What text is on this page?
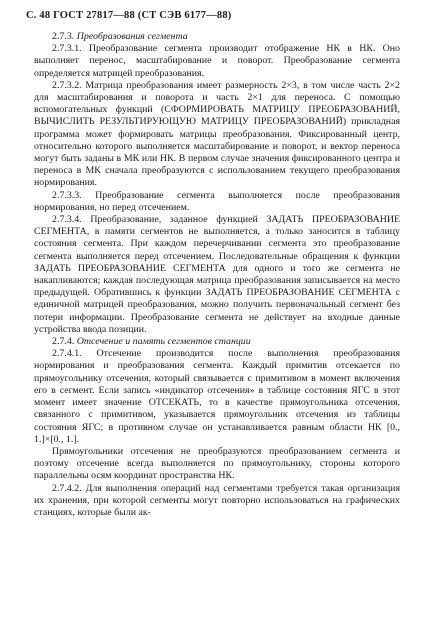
С. 48 ГОСТ 27817—88 (СТ СЭВ 6177—88)

2.7.3. Преобразования сегмента

2.7.3.1. Преобразование сегмента производит отображение НК в НК. Оно выполняет перенос, масштабирование и поворот. Преобразование сегмента определяется матрицей преобразования.

2.7.3.2. Матрица преобразования имеет размерность 2×3, в том числе часть 2×2 для масштабирования и поворота и часть 2×1 для переноса. С помощью вспомогательных функций (СФОРМИРОВАТЬ МАТРИЦУ ПРЕОБРАЗОВАНИЙ, ВЫЧИСЛИТЬ РЕЗУЛЬТИРУЮЩУЮ МАТРИЦУ ПРЕОБРАЗОВАНИЙ) прикладная программа может формировать матрицы преобразования. Фиксированный центр, относительно которого выполняется масштабирование и поворот, и вектор переноса могут быть заданы в МК или НК. В первом случае значения фиксированного центра и переноса в МК сначала преобразуются с использованием текущего преобразования нормирования.

2.7.3.3. Преобразование сегмента выполняется после преобразования нормирования, но перед отсечением.

2.7.3.4. Преобразование, заданное функцией ЗАДАТЬ ПРЕОБРАЗОВАНИЕ СЕГМЕНТА, в памяти сегментов не выполняется, а только заносится в таблицу состояния сегмента. При каждом перечерчивании сегмента это преобразование сегмента выполняется перед отсечением. Последовательные обращения к функции ЗАДАТЬ ПРЕОБРАЗОВАНИЕ СЕГМЕНТА для одного и того же сегмента не накапливаются; каждая последующая матрица преобразования записывается на место предыдущей. Обратившись к функции ЗАДАТЬ ПРЕОБРАЗОВАНИЕ СЕГМЕНТА с единичной матрицей преобразования, можно получить первоначальный сегмент без потери информации. Преобразование сегмента не действует на входные данные устройства ввода позиции.

2.7.4. Отсечение и память сегментов станции

2.7.4.1. Отсечение производится после выполнения преобразования нормирования и преобразования сегмента. Каждый примитив отсекается по прямоугольнику отсечения, который связывается с примитивом в момент включения его в сегмент. Если запись «индикатор отсечения» в таблице состояния ЯГС в этот момент имеет значение ОТСЕКАТЬ, то в качестве прямоугольника отсечения, связанного с примитивом, указывается прямоугольник отсечения из таблицы состояния ЯГС; в противном случае он устанавливается равным области НК [0., 1.]×[0., 1.].

Прямоугольники отсечения не преобразуются преобразованием сегмента и поэтому отсечение всегда выполняется по прямоугольнику, стороны которого параллельны осям координат пространства НК.

2.7.4.2. Для выполнения операций над сегментами требуется такая организация их хранения, при которой сегменты могут повторно использоваться на графических станциях, которые были ак-
